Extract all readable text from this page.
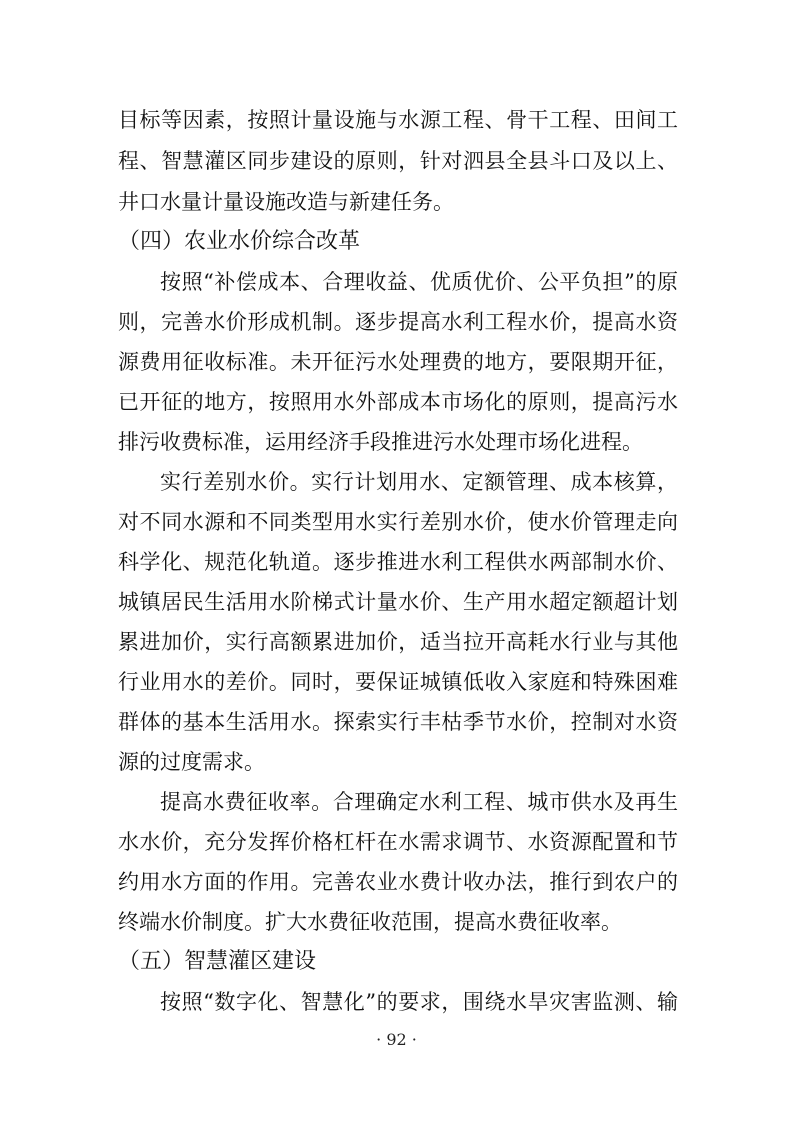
目标等因素，按照计量设施与水源工程、骨干工程、田间工
程、智慧灌区同步建设的原则，针对泗县全县斗口及以上、
井口水量计量设施改造与新建任务。
（四）农业水价综合改革
按照“补偿成本、合理收益、优质优价、公平负担”的原
则，完善水价形成机制。逐步提高水利工程水价，提高水资
源费用征收标准。未开征污水处理费的地方，要限期开征，
已开征的地方，按照用水外部成本市场化的原则，提高污水
排污收费标准，运用经济手段推进污水处理市场化进程。
实行差别水价。实行计划用水、定额管理、成本核算，
对不同水源和不同类型用水实行差别水价，使水价管理走向
科学化、规范化轨道。逐步推进水利工程供水两部制水价、
城镇居民生活用水阶梯式计量水价、生产用水超定额超计划
累进加价，实行高额累进加价，适当拉开高耗水行业与其他
行业用水的差价。同时，要保证城镇低收入家庭和特殊困难
群体的基本生活用水。探索实行丰枯季节水价，控制对水资
源的过度需求。
提高水费征收率。合理确定水利工程、城市供水及再生
水水价，充分发挥价格杠杆在水需求调节、水资源配置和节
约用水方面的作用。完善农业水费计收办法，推行到农户的
终端水价制度。扩大水费征收范围，提高水费征收率。
（五）智慧灌区建设
按照“数字化、智慧化”的要求，围绕水旱灾害监测、输
· 92 ·
